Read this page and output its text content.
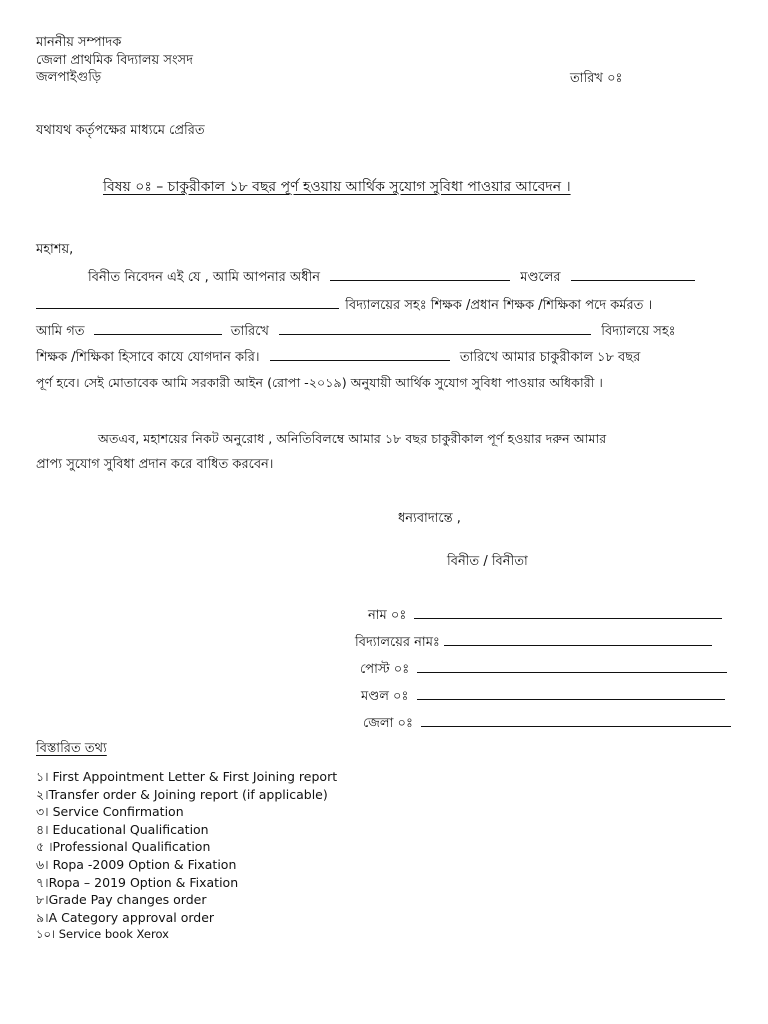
মাননীয় সম্পাদক
জেলা প্রাথমিক বিদ্যালয় সংসদ
জলপাইগুড়ি	তারিখ ০ঃ
যথাযথ কর্তৃপক্ষের মাধ্যমে প্রেরিত
বিষয় ০ঃ – চাকুরীকাল ১৮ বছর পূর্ণ হওয়ায় আর্থিক সুযোগ সুবিধা পাওয়ার আবেদন ।
মহাশয়,
বিনীত নিবেদন এই যে , আমি আপনার অধীন	মণ্ডলের
বিদ্যালয়ের সহঃ শিক্ষক /প্রধান শিক্ষক /শিক্ষিকা পদে কর্মরত ।
আমি গত	তারিখে	বিদ্যালয়ে সহঃ
শিক্ষক /শিক্ষিকা হিসাবে কাযে যোগদান করি।	তারিখে আমার চাকুরীকাল ১৮ বছর
পূর্ণ হবে। সেই মোতাবেক আমি সরকারী আইন (রোপা -২০১৯) অনুযায়ী আর্থিক সুযোগ সুবিধা পাওয়ার অধিকারী ।
অতএব, মহাশয়ের নিকট অনুরোধ , অনিতিবিলম্বে আমার ১৮ বছর চাকুরীকাল পূর্ণ হওয়ার দরুন আমার
প্রাপ্য সুযোগ সুবিধা প্রদান করে বাধিত করবেন।
ধন্যবাদান্তে ,
বিনীত / বিনীতা
নাম ০ঃ
বিদ্যালয়ের নামঃ
পোস্ট ০ঃ
মণ্ডল ০ঃ
জেলা ০ঃ
বিস্তারিত তথ্য
১। First Appointment Letter & First Joining report
২।Transfer order & Joining report (if applicable)
৩। Service Confirmation
৪। Educational Qualification
৫ ।Professional Qualification
৬। Ropa -2009 Option & Fixation
৭।Ropa – 2019 Option & Fixation
৮।Grade Pay changes order
৯।A Category approval order
১০। Service book Xerox
